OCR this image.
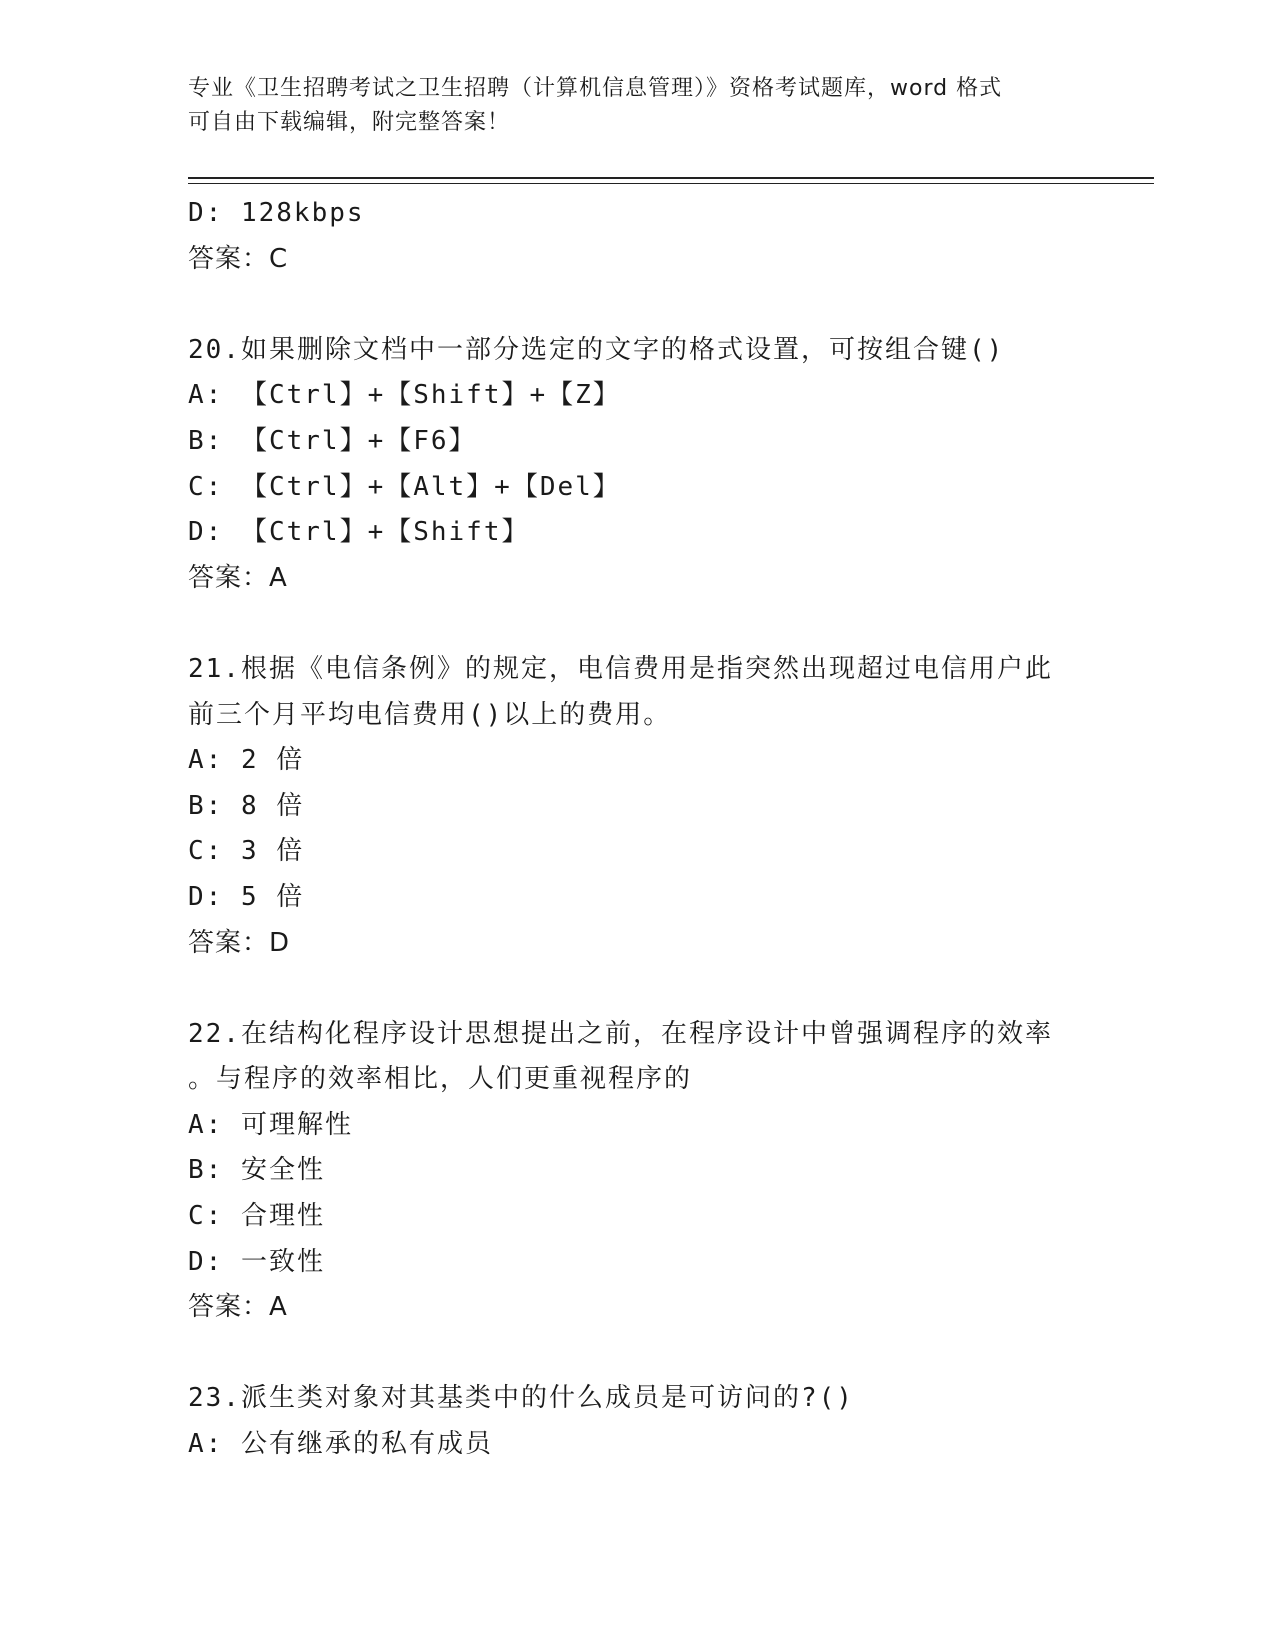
专业《卫生招聘考试之卫生招聘（计算机信息管理）》资格考试题库，word 格式
可自由下载编辑，附完整答案！
D: 128kbps
答案：C
20.如果删除文档中一部分选定的文字的格式设置，可按组合键()
A: 【Ctrl】+【Shift】+【Z】
B: 【Ctrl】+【F6】
C: 【Ctrl】+【Alt】+【Del】
D: 【Ctrl】+【Shift】
答案：A
21.根据《电信条例》的规定，电信费用是指突然出现超过电信用户此
前三个月平均电信费用()以上的费用。
A: 2 倍
B: 8 倍
C: 3 倍
D: 5 倍
答案：D
22.在结构化程序设计思想提出之前，在程序设计中曾强调程序的效率
。与程序的效率相比，人们更重视程序的
A: 可理解性
B: 安全性
C: 合理性
D: 一致性
答案：A
23.派生类对象对其基类中的什么成员是可访问的?()
A: 公有继承的私有成员
